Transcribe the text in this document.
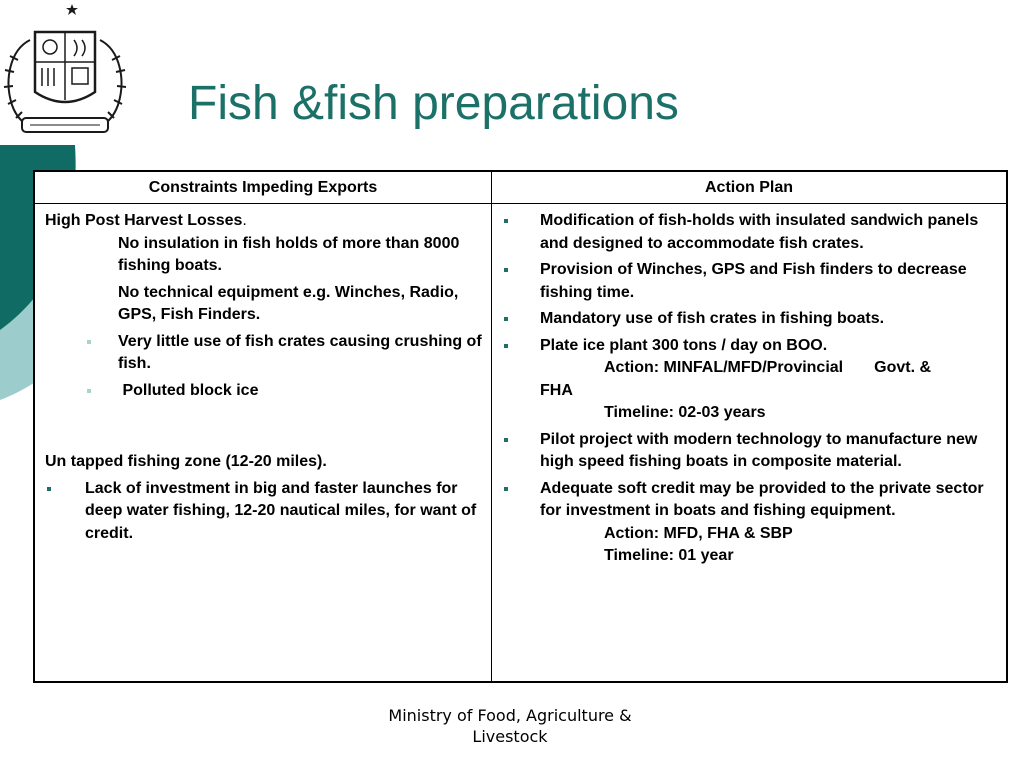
Fish &fish preparations
Constraints Impeding Exports	Action Plan

High Post Harvest Losses.

No insulation in fish holds of more than 8000 fishing boats.
No technical equipment e.g. Winches, Radio, GPS, Fish Finders.
Very little use of fish crates causing crushing of fish.
Polluted block ice

Un tapped fishing zone (12-20 miles).

Lack of investment in big and faster launches for deep water fishing, 12-20 nautical miles, for want of credit.
Modification of fish-holds with insulated sandwich panels and designed to accommodate fish crates.
Provision of Winches, GPS and Fish finders to decrease fishing time.
Mandatory use of fish crates in fishing boats.
Plate ice plant 300 tons / day on BOO.
Action: MINFAL/MFD/Provincial Govt. &
FHA
Timeline: 02-03 years
Pilot project with modern technology to manufacture new high speed fishing boats in composite material.
Adequate soft credit may be provided to the private sector for investment in boats and fishing equipment.
Action: MFD, FHA & SBP
Timeline: 01 year
Ministry of Food, Agriculture &
Livestock
